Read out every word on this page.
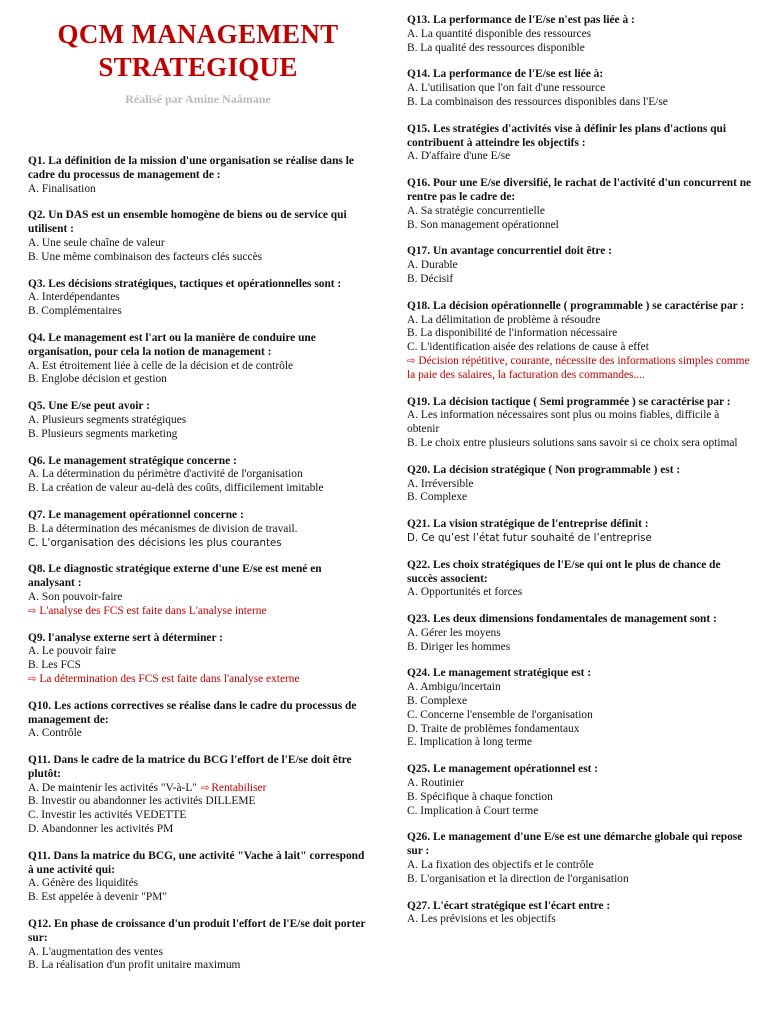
QCM MANAGEMENT
STRATEGIQUE
Réalisé par Amine Naâmane
Q1. La définition de la mission d'une organisation se réalise dans le cadre du processus de management de :
A. Finalisation
Q2. Un DAS est un ensemble homogène de biens ou de service qui utilisent :
A. Une seule chaîne de valeur
B. Une même combinaison des facteurs clés succès
Q3. Les décisions stratégiques, tactiques et opérationnelles sont :
A. Interdépendantes
B. Complémentaires
Q4. Le management est l'art ou la manière de conduire une organisation, pour cela la notion de management :
A. Est étroitement liée à celle de la décision et de contrôle
B. Englobe décision et gestion
Q5. Une E/se peut avoir :
A. Plusieurs segments stratégiques
B. Plusieurs segments marketing
Q6. Le management stratégique concerne :
A. La détermination du périmètre d'activité de l'organisation
B. La création de valeur au-delà des coûts, difficilement imitable
Q7. Le management opérationnel concerne :
B. La détermination des mécanismes de division de travail.
C. L’organisation des décisions les plus courantes
Q8. Le diagnostic stratégique externe d'une E/se est mené en analysant :
A. Son pouvoir-faire
⇨ L'analyse des FCS est faite dans L'analyse interne
Q9. l'analyse externe sert à déterminer :
A. Le pouvoir faire
B. Les FCS
⇨ La détermination des FCS est faite dans l'analyse externe
Q10. Les actions correctives se réalise dans le cadre du processus de management de:
A. Contrôle
Q11. Dans le cadre de la matrice du BCG l'effort de l'E/se doit être plutôt:
A. De maintenir les activités "V-à-L" ⇨ Rentabiliser
B. Investir ou abandonner les activités DILLEME
C. Investir les activités VEDETTE
D. Abandonner les activités PM
Q11. Dans la matrice du BCG, une activité "Vache à lait" correspond à une activité qui:
A. Génère des liquidités
B. Est appelée à devenir "PM"
Q12. En phase de croissance d'un produit l'effort de l'E/se doit porter sur:
A. L'augmentation des ventes
B. La réalisation d'un profit unitaire maximum
Q13. La performance de l'E/se n'est pas liée à :
A. La quantité disponible des ressources
B. La qualité des ressources disponible
Q14. La performance de l'E/se est liée à:
A. L'utilisation que l'on fait d'une ressource
B. La combinaison des ressources disponibles dans l'E/se
Q15. Les stratégies d'activités vise à définir les plans d'actions qui contribuent à atteindre les objectifs :
A. D'affaire d'une E/se
Q16. Pour une E/se diversifié, le rachat de l'activité d'un concurrent ne rentre pas le cadre de:
A. Sa stratégie concurrentielle
B. Son management opérationnel
Q17. Un avantage concurrentiel doit être :
A. Durable
B. Décisif
Q18. La décision opérationnelle ( programmable ) se caractérise par :
A. La délimitation de problème à résoudre
B. La disponibilité de l'information nécessaire
C. L'identification aisée des relations de cause à effet
⇨ Décision répétitive, courante, nécessite des informations simples comme la paie des salaires, la facturation des commandes....
Q19. La décision tactique ( Semi programmée ) se caractérise par :
A. Les information nécessaires sont plus ou moins fiables, difficile à obtenir
B. Le choix entre plusieurs solutions sans savoir si ce choix sera optimal
Q20. La décision stratégique ( Non programmable ) est :
A. Irréversible
B. Complexe
Q21. La vision stratégique de l'entreprise définit :
D. Ce qu’est l’état futur souhaité de l’entreprise
Q22. Les choix stratégiques de l'E/se qui ont le plus de chance de succès associent:
A. Opportunités et forces
Q23. Les deux dimensions fondamentales de management sont :
A. Gérer les moyens
B. Diriger les hommes
Q24. Le management stratégique est :
A. Ambigu/incertain
B. Complexe
C. Concerne l'ensemble de l'organisation
D. Traite de problèmes fondamentaux
E. Implication à long terme
Q25. Le management opérationnel est :
A. Routinier
B. Spécifique à chaque fonction
C. Implication à Court terme
Q26. Le management d'une E/se est une démarche globale qui repose sur :
A. La fixation des objectifs et le contrôle
B. L'organisation et la direction de l'organisation
Q27. L'écart stratégique est l'écart entre :
A. Les prévisions et les objectifs
